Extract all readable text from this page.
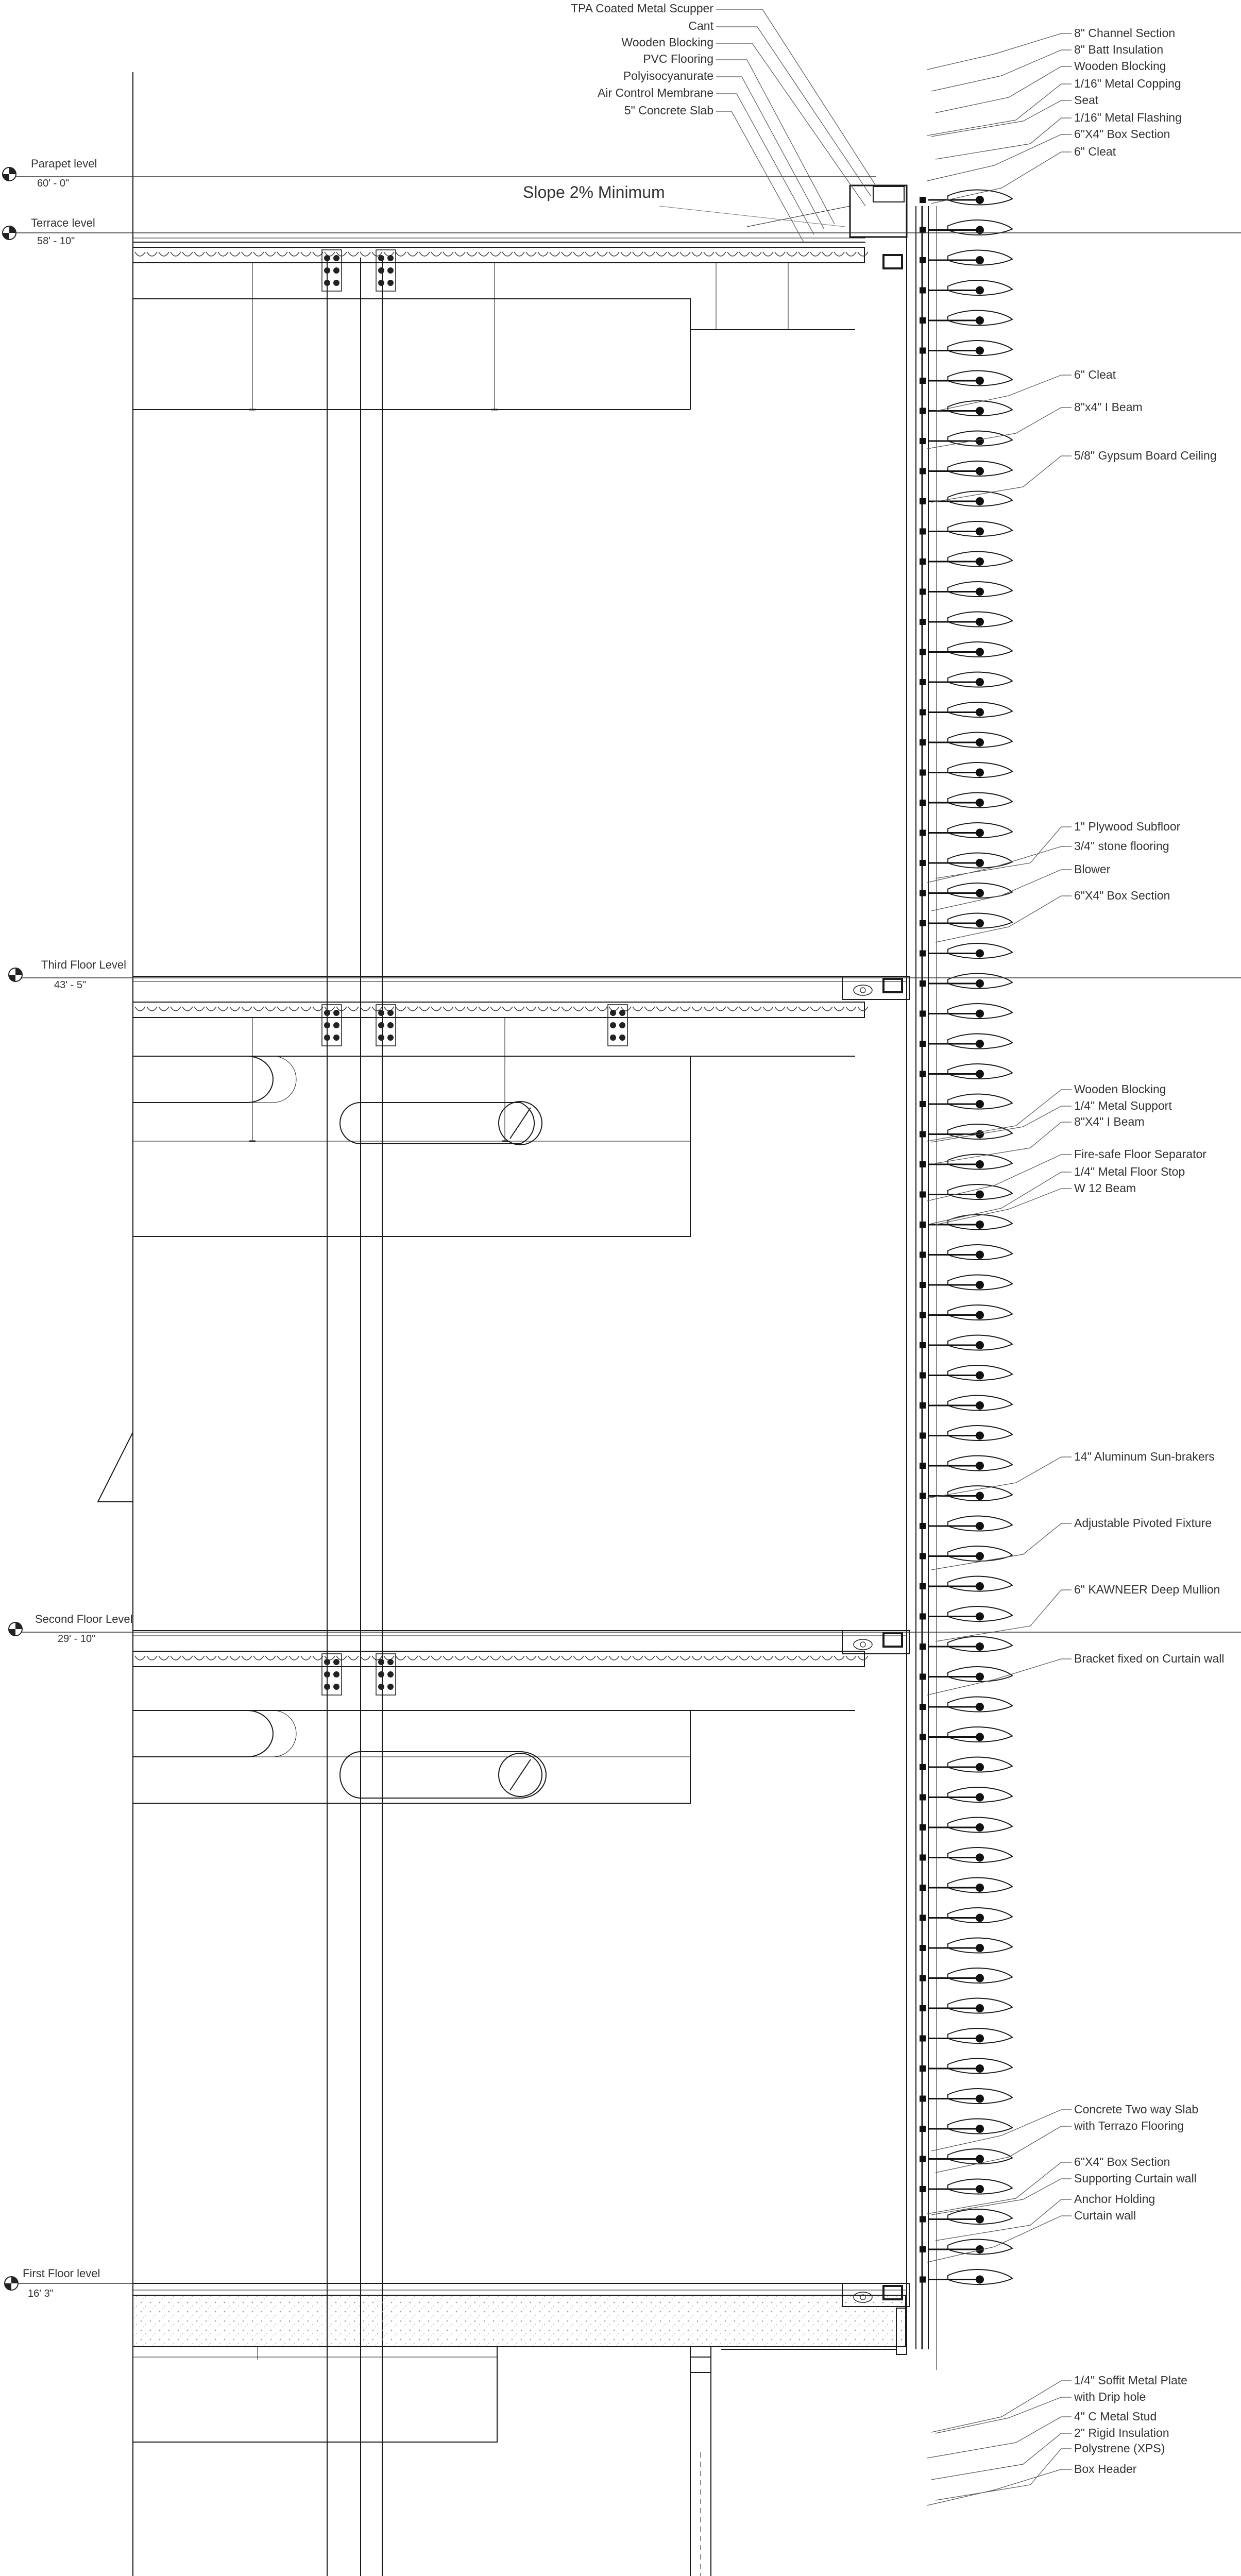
Slope 2% Minimum
Parapet level
60' - 0"
Terrace level
58' - 10"
Third Floor Level
43' - 5"
Second Floor Level
29' - 10"
First Floor level
16' 3"
TPA Coated Metal Scupper
Cant
Wooden Blocking
PVC Flooring
Polyisocyanurate
Air Control Membrane
5" Concrete Slab
8" Channel Section
8" Batt Insulation
Wooden Blocking
1/16" Metal Copping
Seat
1/16" Metal Flashing
6"X4" Box Section
6" Cleat
6" Cleat
8"x4" I Beam
5/8" Gypsum Board Ceiling
1" Plywood Subfloor
3/4" stone flooring
Blower
6"X4" Box Section
Wooden Blocking
1/4" Metal Support
8"X4" I Beam
Fire-safe Floor Separator
1/4" Metal Floor Stop
W 12 Beam
14" Aluminum Sun-brakers
Adjustable Pivoted Fixture
6" KAWNEER Deep Mullion
Bracket fixed on Curtain wall
Concrete Two way Slab
with Terrazo Flooring
6"X4" Box Section
Supporting Curtain wall
Anchor Holding
Curtain wall
1/4" Soffit Metal Plate
with Drip hole
4" C Metal Stud
2" Rigid Insulation
Polystrene (XPS)
Box Header
